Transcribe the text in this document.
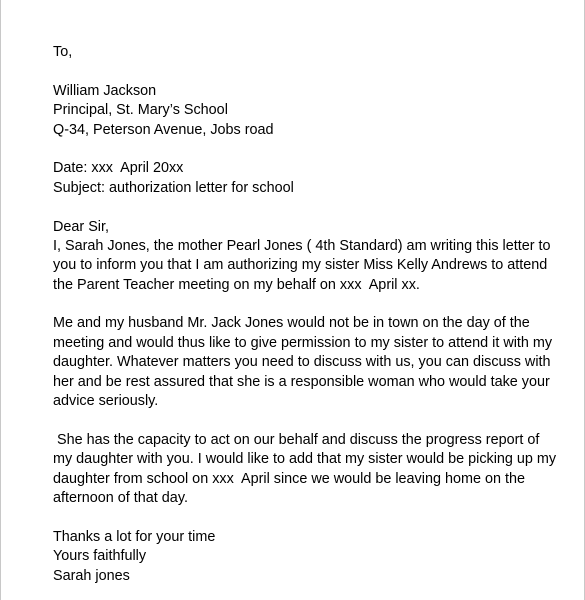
To,
William Jackson
Principal, St. Mary’s School
Q-34, Peterson Avenue, Jobs road
Date: xxx  April 20xx
Subject: authorization letter for school
Dear Sir,
I, Sarah Jones, the mother Pearl Jones ( 4th Standard) am writing this letter to
you to inform you that I am authorizing my sister Miss Kelly Andrews to attend
the Parent Teacher meeting on my behalf on xxx  April xx.
Me and my husband Mr. Jack Jones would not be in town on the day of the
meeting and would thus like to give permission to my sister to attend it with my
daughter. Whatever matters you need to discuss with us, you can discuss with
her and be rest assured that she is a responsible woman who would take your
advice seriously.
She has the capacity to act on our behalf and discuss the progress report of
my daughter with you. I would like to add that my sister would be picking up my
daughter from school on xxx  April since we would be leaving home on the
afternoon of that day.
Thanks a lot for your time
Yours faithfully
Sarah jones
